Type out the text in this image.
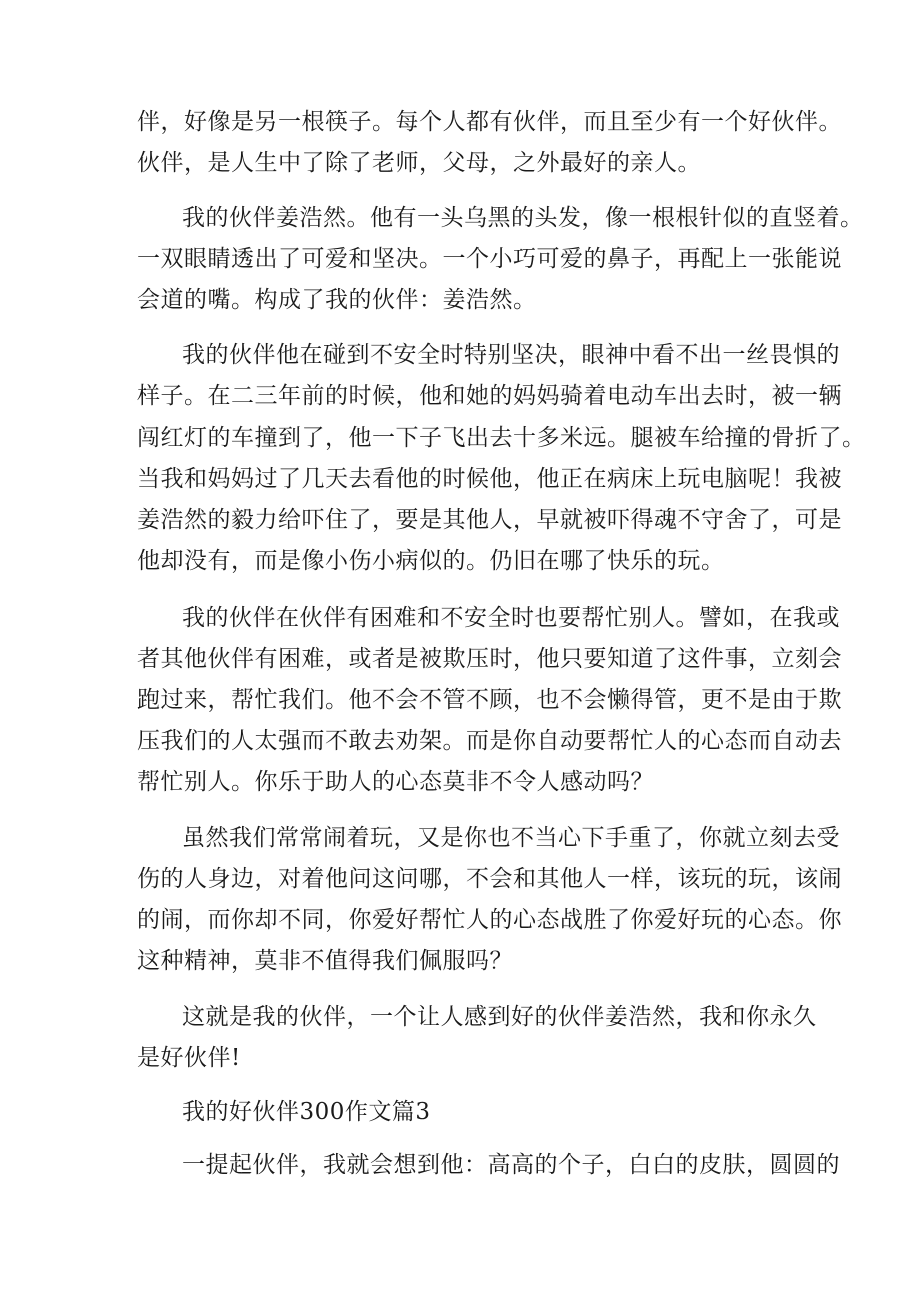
伴，好像是另一根筷子。每个人都有伙伴，而且至少有一个好伙伴。
伙伴，是人生中了除了老师，父母，之外最好的亲人。
我的伙伴姜浩然。他有一头乌黑的头发，像一根根针似的直竖着。
一双眼睛透出了可爱和坚决。一个小巧可爱的鼻子，再配上一张能说
会道的嘴。构成了我的伙伴：姜浩然。
我的伙伴他在碰到不安全时特别坚决，眼神中看不出一丝畏惧的
样子。在二三年前的时候，他和她的妈妈骑着电动车出去时，被一辆
闯红灯的车撞到了，他一下子飞出去十多米远。腿被车给撞的骨折了。
当我和妈妈过了几天去看他的时候他，他正在病床上玩电脑呢！我被
姜浩然的毅力给吓住了，要是其他人，早就被吓得魂不守舍了，可是
他却没有，而是像小伤小病似的。仍旧在哪了快乐的玩。
我的伙伴在伙伴有困难和不安全时也要帮忙别人。譬如，在我或
者其他伙伴有困难，或者是被欺压时，他只要知道了这件事，立刻会
跑过来，帮忙我们。他不会不管不顾，也不会懒得管，更不是由于欺
压我们的人太强而不敢去劝架。而是你自动要帮忙人的心态而自动去
帮忙别人。你乐于助人的心态莫非不令人感动吗？
虽然我们常常闹着玩，又是你也不当心下手重了，你就立刻去受
伤的人身边，对着他问这问哪，不会和其他人一样，该玩的玩，该闹
的闹，而你却不同，你爱好帮忙人的心态战胜了你爱好玩的心态。你
这种精神，莫非不值得我们佩服吗？
这就是我的伙伴，一个让人感到好的伙伴姜浩然，我和你永久
是好伙伴!
我的好伙伴300作文篇3
一提起伙伴，我就会想到他：高高的个子，白白的皮肤，圆圆的
